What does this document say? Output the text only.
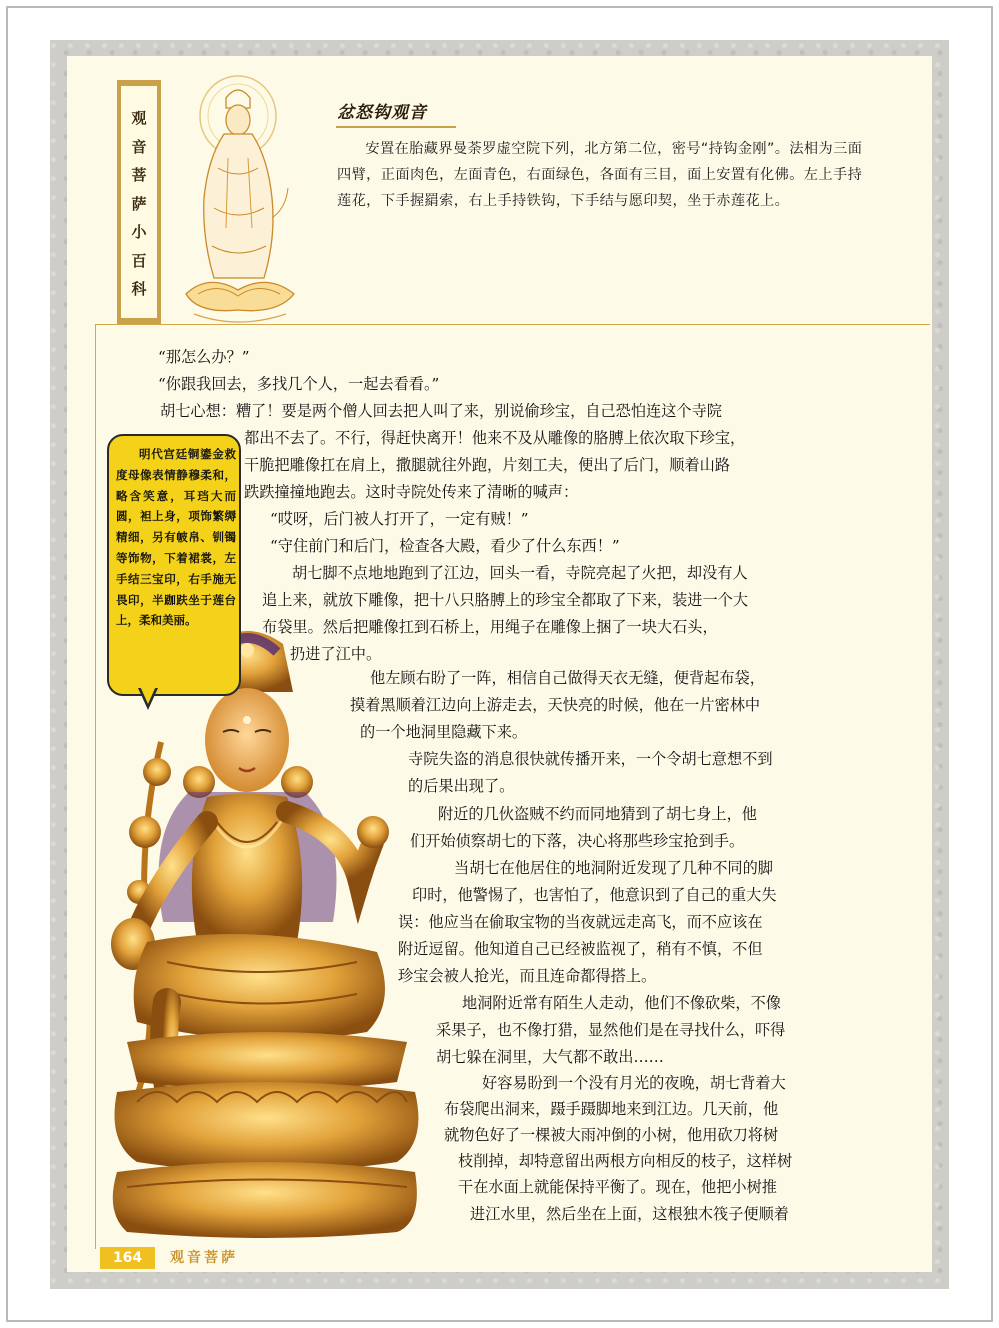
观
音
菩
萨
小
百
科
忿怒钩观音

安置在胎藏界曼荼罗虚空院下列，北方第二位，密号“持钩金刚”。法相为三面四臂，正面肉色，左面青色，右面绿色，各面有三目，面上安置有化佛。左上手持莲花，下手握羂索，右上手持铁钩，下手结与愿印契，坐于赤莲花上。

明代宫廷铜鎏金救度母像表情静穆柔和，略含笑意，耳珰大而圆，袒上身，项饰繁缛精细，另有帔帛、钏镯等饰物，下着裙裳，左手结三宝印，右手施无畏印，半跏趺坐于莲台上，柔和美丽。
“那怎么办？”
“你跟我回去，多找几个人，一起去看看。”
胡七心想：糟了！要是两个僧人回去把人叫了来，别说偷珍宝，自己恐怕连这个寺院
都出不去了。不行，得赶快离开！他来不及从雕像的胳膊上依次取下珍宝，
干脆把雕像扛在肩上，撒腿就往外跑，片刻工夫，便出了后门，顺着山路
跌跌撞撞地跑去。这时寺院处传来了清晰的喊声：
“哎呀，后门被人打开了，一定有贼！”
“守住前门和后门，检查各大殿，看少了什么东西！”
胡七脚不点地地跑到了江边，回头一看，寺院亮起了火把，却没有人
追上来，就放下雕像，把十八只胳膊上的珍宝全都取了下来，装进一个大
布袋里。然后把雕像扛到石桥上，用绳子在雕像上捆了一块大石头，
扔进了江中。
他左顾右盼了一阵，相信自己做得天衣无缝，便背起布袋，
摸着黑顺着江边向上游走去，天快亮的时候，他在一片密林中
的一个地洞里隐藏下来。
寺院失盗的消息很快就传播开来，一个令胡七意想不到
的后果出现了。
附近的几伙盗贼不约而同地猜到了胡七身上，他
们开始侦察胡七的下落，决心将那些珍宝抢到手。
当胡七在他居住的地洞附近发现了几种不同的脚
印时，他警惕了，也害怕了，他意识到了自己的重大失
误：他应当在偷取宝物的当夜就远走高飞，而不应该在
附近逗留。他知道自己已经被监视了，稍有不慎，不但
珍宝会被人抢光，而且连命都得搭上。
地洞附近常有陌生人走动，他们不像砍柴，不像
采果子，也不像打猎，显然他们是在寻找什么，吓得
胡七躲在洞里，大气都不敢出……
好容易盼到一个没有月光的夜晚，胡七背着大
布袋爬出洞来，蹑手蹑脚地来到江边。几天前，他
就物色好了一棵被大雨冲倒的小树，他用砍刀将树
枝削掉，却特意留出两根方向相反的枝子，这样树
干在水面上就能保持平衡了。现在，他把小树推
进江水里，然后坐在上面，这根独木筏子便顺着
164	观音菩萨
